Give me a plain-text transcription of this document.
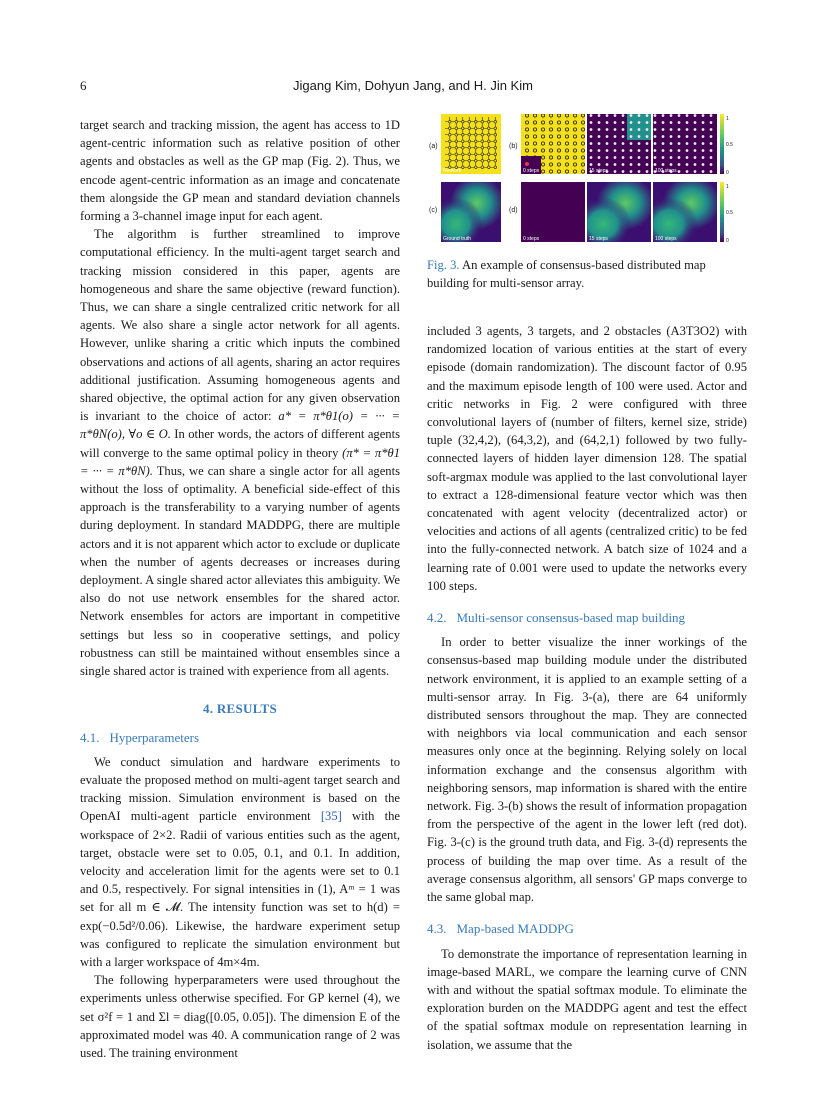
6	Jigang Kim, Dohyun Jang, and H. Jin Kim

target search and tracking mission, the agent has access to 1D agent-centric information such as relative position of other agents and obstacles as well as the GP map (Fig. 2). Thus, we encode agent-centric information as an image and concatenate them alongside the GP mean and standard deviation channels forming a 3-channel image input for each agent.

The algorithm is further streamlined to improve computational efficiency. In the multi-agent target search and tracking mission considered in this paper, agents are homogeneous and share the same objective (reward function). Thus, we can share a single centralized critic network for all agents. We also share a single actor network for all agents. However, unlike sharing a critic which inputs the combined observations and actions of all agents, sharing an actor requires additional justification. Assuming homogeneous agents and shared objective, the optimal action for any given observation is invariant to the choice of actor: a* = π*θ1(o) = ··· = π*θN(o), ∀o ∈ O. In other words, the actors of different agents will converge to the same optimal policy in theory (π* = π*θ1 = ··· = π*θN). Thus, we can share a single actor for all agents without the loss of optimality. A beneficial side-effect of this approach is the transferability to a varying number of agents during deployment. In standard MADDPG, there are multiple actors and it is not apparent which actor to exclude or duplicate when the number of agents decreases or increases during deployment. A single shared actor alleviates this ambiguity. We also do not use network ensembles for the shared actor. Network ensembles for actors are important in competitive settings but less so in cooperative settings, and policy robustness can still be maintained without ensembles since a single shared actor is trained with experience from all agents.

4. RESULTS
4.1. Hyperparameters

We conduct simulation and hardware experiments to evaluate the proposed method on multi-agent target search and tracking mission. Simulation environment is based on the OpenAI multi-agent particle environment [35] with the workspace of 2×2. Radii of various entities such as the agent, target, obstacle were set to 0.05, 0.1, and 0.1. In addition, velocity and acceleration limit for the agents were set to 0.1 and 0.5, respectively. For signal intensities in (1), Aᵐ = 1 was set for all m ∈ 𝓜. The intensity function was set to h(d) = exp(−0.5d²/0.06). Likewise, the hardware experiment setup was configured to replicate the simulation environment but with a larger workspace of 4m×4m.

The following hyperparameters were used throughout the experiments unless otherwise specified. For GP kernel (4), we set σ²f = 1 and Σl = diag([0.05, 0.05]). The dimension E of the approximated model was 40. A communication range of 2 was used. The training environment

(a)
Network
(b)
0 steps	15 steps	100 steps
1
0.5
0
(c)
Ground truth
(d)
0 steps	15 steps	100 steps
1
0.5
0
Fig. 3. An example of consensus-based distributed map building for multi-sensor array.

included 3 agents, 3 targets, and 2 obstacles (A3T3O2) with randomized location of various entities at the start of every episode (domain randomization). The discount factor of 0.95 and the maximum episode length of 100 were used. Actor and critic networks in Fig. 2 were configured with three convolutional layers of (number of filters, kernel size, stride) tuple (32,4,2), (64,3,2), and (64,2,1) followed by two fully-connected layers of hidden layer dimension 128. The spatial soft-argmax module was applied to the last convolutional layer to extract a 128-dimensional feature vector which was then concatenated with agent velocity (decentralized actor) or velocities and actions of all agents (centralized critic) to be fed into the fully-connected network. A batch size of 1024 and a learning rate of 0.001 were used to update the networks every 100 steps.

4.2. Multi-sensor consensus-based map building

In order to better visualize the inner workings of the consensus-based map building module under the distributed network environment, it is applied to an example setting of a multi-sensor array. In Fig. 3-(a), there are 64 uniformly distributed sensors throughout the map. They are connected with neighbors via local communication and each sensor measures only once at the beginning. Relying solely on local information exchange and the consensus algorithm with neighboring sensors, map information is shared with the entire network. Fig. 3-(b) shows the result of information propagation from the perspective of the agent in the lower left (red dot). Fig. 3-(c) is the ground truth data, and Fig. 3-(d) represents the process of building the map over time. As a result of the average consensus algorithm, all sensors' GP maps converge to the same global map.

4.3. Map-based MADDPG

To demonstrate the importance of representation learning in image-based MARL, we compare the learning curve of CNN with and without the spatial softmax module. To eliminate the exploration burden on the MADDPG agent and test the effect of the spatial softmax module on representation learning in isolation, we assume that the
